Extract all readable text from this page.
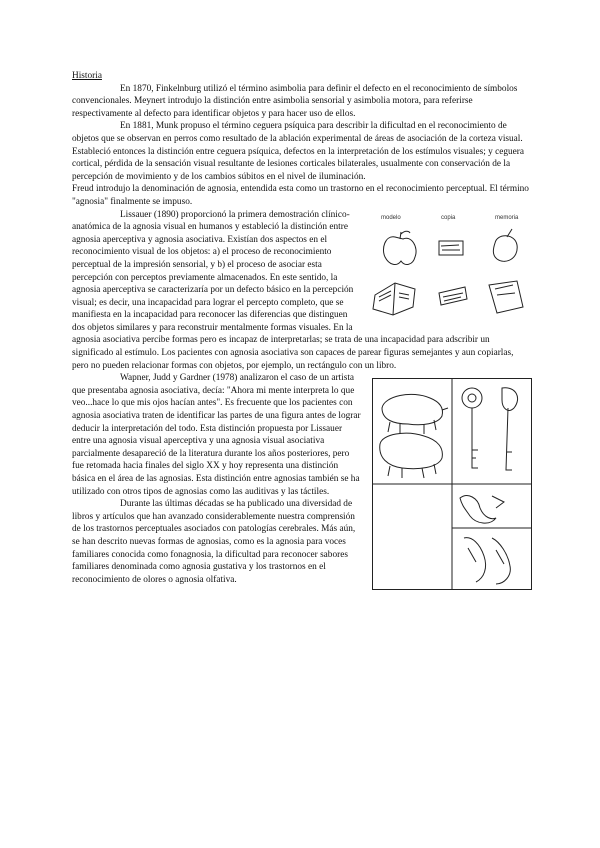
Historia

En 1870, Finkelnburg utilizó el término asimbolia para definir el defecto en el reconocimiento de símbolos convencionales. Meynert introdujo la distinción entre asimbolia sensorial y asimbolia motora, para referirse respectivamente al defecto para identificar objetos y para hacer uso de ellos.

En 1881, Munk propuso el término ceguera psíquica para describir la dificultad en el reconocimiento de objetos que se observan en perros como resultado de la ablación experimental de áreas de asociación de la corteza visual. Estableció entonces la distinción entre ceguera psíquica, defectos en la interpretación de los estímulos visuales; y ceguera cortical, pérdida de la sensación visual resultante de lesiones corticales bilaterales, usualmente con conservación de la percepción de movimiento y de los cambios súbitos en el nivel de iluminación.

Freud introdujo la denominación de agnosia, entendida esta como un trastorno en el reconocimiento perceptual. El término "agnosia" finalmente se impuso.

modelo	copia	memoria

Lissauer (1890) proporcionó la primera demostración clínico-anatómica de la agnosia visual en humanos y estableció la distinción entre agnosia aperceptiva y agnosia asociativa. Existían dos aspectos en el reconocimiento visual de los objetos: a) el proceso de reconocimiento perceptual de la impresión sensorial, y b) el proceso de asociar esta percepción con perceptos previamente almacenados. En este sentido, la agnosia aperceptiva se caracterizaría por un defecto básico en la percepción visual; es decir, una incapacidad para lograr el percepto completo, que se manifiesta en la incapacidad para reconocer las diferencias que distinguen dos objetos similares y para reconstruir mentalmente formas visuales. En la agnosia asociativa percibe formas pero es incapaz de interpretarlas; se trata de una incapacidad para adscribir un significado al estímulo. Los pacientes con agnosia asociativa son capaces de parear figuras semejantes y aun copiarlas, pero no pueden relacionar formas con objetos, por ejemplo, un rectángulo con un libro.

Wapner, Judd y Gardner (1978) analizaron el caso de un artista que presentaba agnosia asociativa, decía: "Ahora mi mente interpreta lo que veo...hace lo que mis ojos hacían antes". Es frecuente que los pacientes con agnosia asociativa traten de identificar las partes de una figura antes de lograr deducir la interpretación del todo. Esta distinción propuesta por Lissauer entre una agnosia visual aperceptiva y una agnosia visual asociativa parcialmente desapareció de la literatura durante los años posteriores, pero fue retomada hacia finales del siglo XX y hoy representa una distinción básica en el área de las agnosias. Esta distinción entre agnosias también se ha utilizado con otros tipos de agnosias como las auditivas y las táctiles.

Durante las últimas décadas se ha publicado una diversidad de libros y artículos que han avanzado considerablemente nuestra comprensión de los trastornos perceptuales asociados con patologías cerebrales. Más aún, se han descrito nuevas formas de agnosias, como es la agnosia para voces familiares conocida como fonagnosia, la dificultad para reconocer sabores familiares denominada como agnosia gustativa y los trastornos en el reconocimiento de olores o agnosia olfativa.
